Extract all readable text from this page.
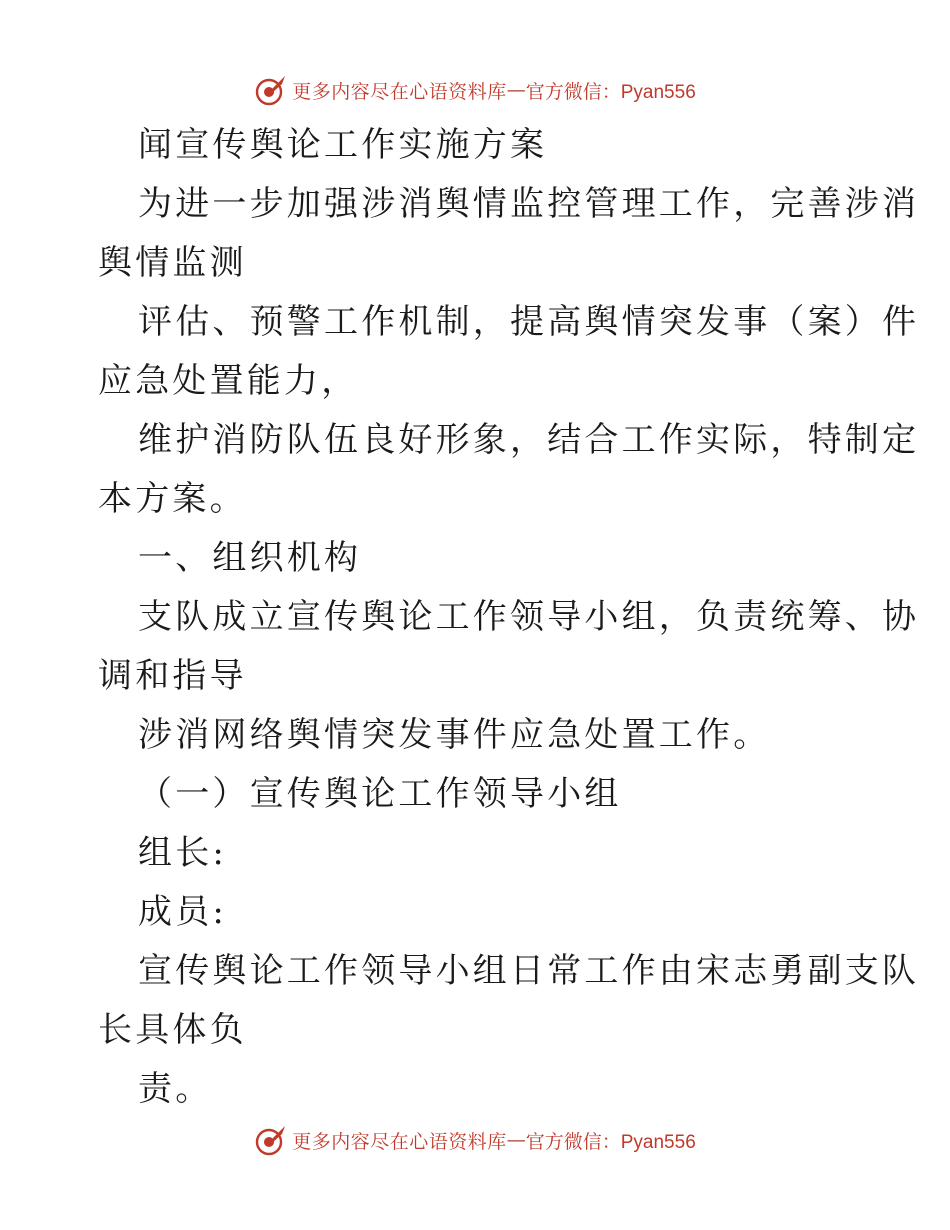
更多内容尽在心语资料库 — 官方微信：Pyan556
闻宣传舆论工作实施方案
为进一步加强涉消舆情监控管理工作，完善涉消
舆情监测
评估、预警工作机制，提高舆情突发事（案）件
应急处置能力，
维护消防队伍良好形象，结合工作实际，特制定
本方案。
一、组织机构
支队成立宣传舆论工作领导小组，负责统筹、协
调和指导
涉消网络舆情突发事件应急处置工作。
（一）宣传舆论工作领导小组
组长:
成员:
宣传舆论工作领导小组日常工作由宋志勇副支队
长具体负
责。
更多内容尽在心语资料库 — 官方微信：Pyan556
